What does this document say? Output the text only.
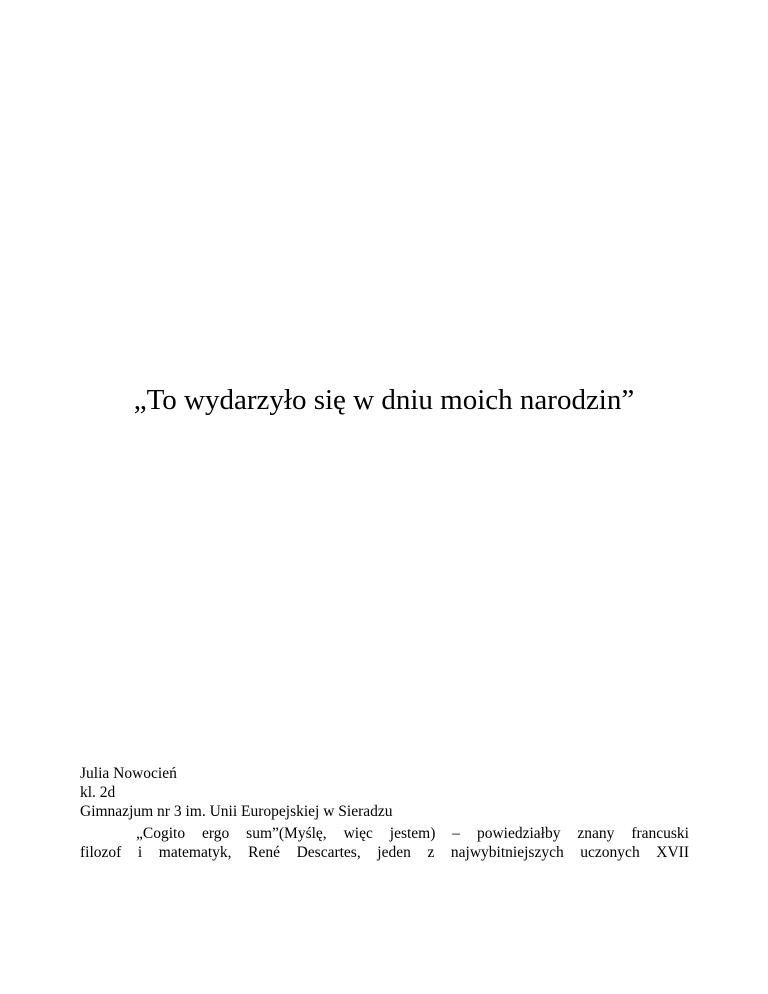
„To wydarzyło się w dniu moich narodzin”
Julia Nowocień
kl. 2d
Gimnazjum nr 3 im. Unii Europejskiej w Sieradzu
„Cogito ergo sum”(Myślę, więc jestem) – powiedziałby znany francuski
filozof i matematyk, René Descartes, jeden z najwybitniejszych uczonych XVII
